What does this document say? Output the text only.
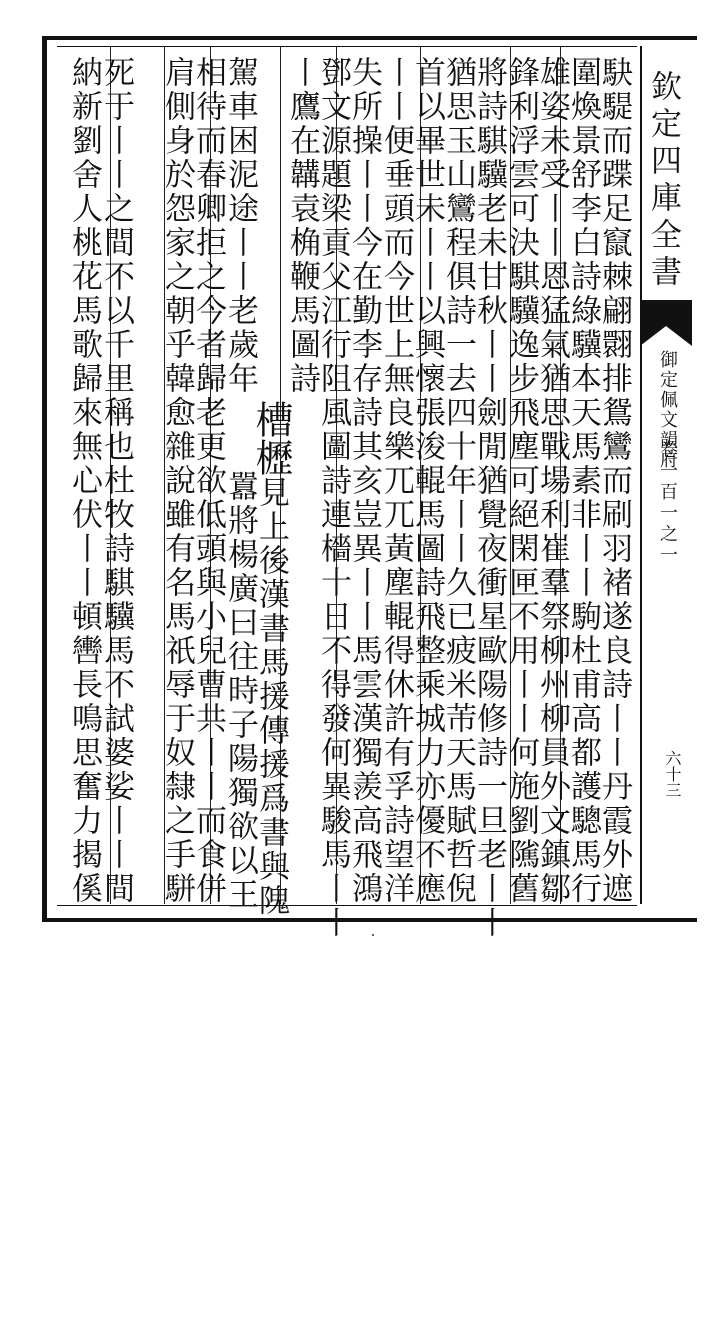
欽定四庫全書
御定佩文韻府
卷一百一之一
六十三
駃騠而蹀足竄棘翩翾排鴛鸞而刷羽褚遂良詩丨丨丹霞外遮
圍煥景舒李白詩綠驥本天馬素非丨丨駒杜甫高都護驄馬行
雄姿未受丨丨恩猛氣猶思戰場利崔羣祭柳州柳員外文鎮鄒
鋒利浮雲可決騏驥逸步飛塵可絕閑匣不用丨丨何施劉隲舊
將詩騏驥老未甘秋丨丨劍閒猶覺夜衝星歐陽修詩一旦老丨丨
猶思玉山鸞程俱詩一去四十年丨丨久已疲米芾天馬賦哲倪
首以畢世未丨丨以興懷張浚輥馬圖詩飛整乘城力亦優不應
丨丨便垂頭而今世上無良樂兀兀黃塵輥得休許有孚詩望洋
失所操丨丨今在勤李存詩其亥豈異丨丨馬雲漢獨羨高飛鴻
鄧文源題梁貢父江行阻風圖詩連檣十日不得發何異駿馬丨丨
丨鷹在韝袁桷鞭馬圖詩
槽櫪見上後漢書馬援傳援爲書與隗
駕車困泥途丨丨老歲年
囂將楊廣曰往時子陽獨欲以王
相待而春卿拒之今者歸老更欲低頭與小兒曹共丨丨而食併
肩側身於怨家之朝乎韓愈雜說雖有名馬祇辱于奴隸之手駢
死于丨丨之間不以千里稱也杜牧詩騏驥馬不試婆娑丨丨間
納新劉舍人桃花馬歌歸來無心伏丨丨頓轡長鳴思奮力揭傒
